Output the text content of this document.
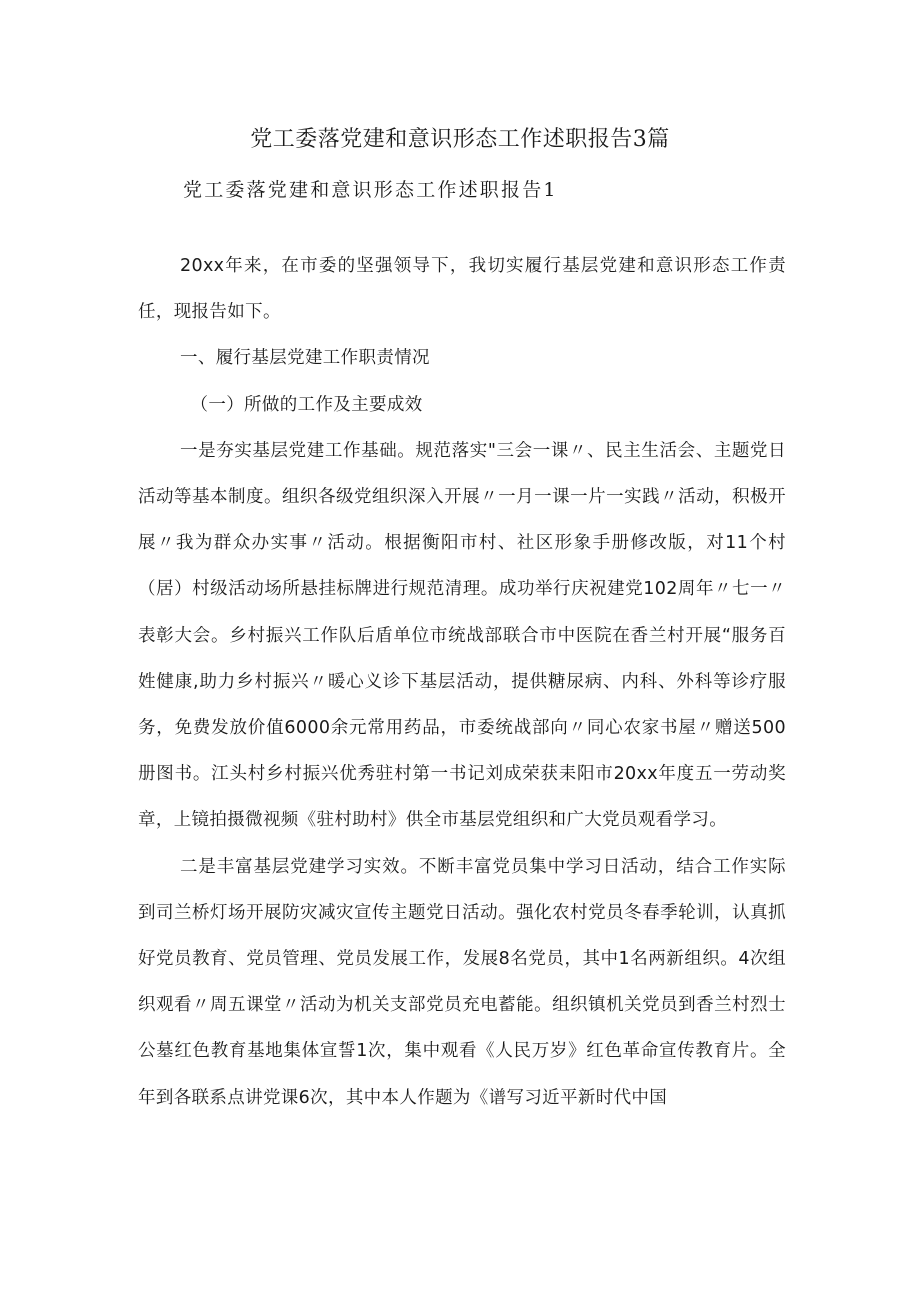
党工委落党建和意识形态工作述职报告3篇
党工委落党建和意识形态工作述职报告1

20xx年来，在市委的坚强领导下，我切实履行基层党建和意识形态工作责任，现报告如下。

一、履行基层党建工作职责情况

（一）所做的工作及主要成效

一是夯实基层党建工作基础。规范落实"三会一课〃、民主生活会、主题党日活动等基本制度。组织各级党组织深入开展〃一月一课一片一实践〃活动，积极开展〃我为群众办实事〃活动。根据衡阳市村、社区形象手册修改版，对11个村（居）村级活动场所悬挂标牌进行规范清理。成功举行庆祝建党102周年〃七一〃表彰大会。乡村振兴工作队后盾单位市统战部联合市中医院在香兰村开展“服务百姓健康,助力乡村振兴〃暖心义诊下基层活动，提供糖尿病、内科、外科等诊疗服务，免费发放价值6000余元常用药品，市委统战部向〃同心农家书屋〃赠送500册图书。江头村乡村振兴优秀驻村第一书记刘成荣获耒阳市20xx年度五一劳动奖章，上镜拍摄微视频《驻村助村》供全市基层党组织和广大党员观看学习。

二是丰富基层党建学习实效。不断丰富党员集中学习日活动，结合工作实际到司兰桥灯场开展防灾减灾宣传主题党日活动。强化农村党员冬春季轮训，认真抓好党员教育、党员管理、党员发展工作，发展8名党员，其中1名两新组织。4次组织观看〃周五课堂〃活动为机关支部党员充电蓄能。组织镇机关党员到香兰村烈士公墓红色教育基地集体宣誓1次，集中观看《人民万岁》红色革命宣传教育片。全年到各联系点讲党课6次，其中本人作题为《谱写习近平新时代中国
